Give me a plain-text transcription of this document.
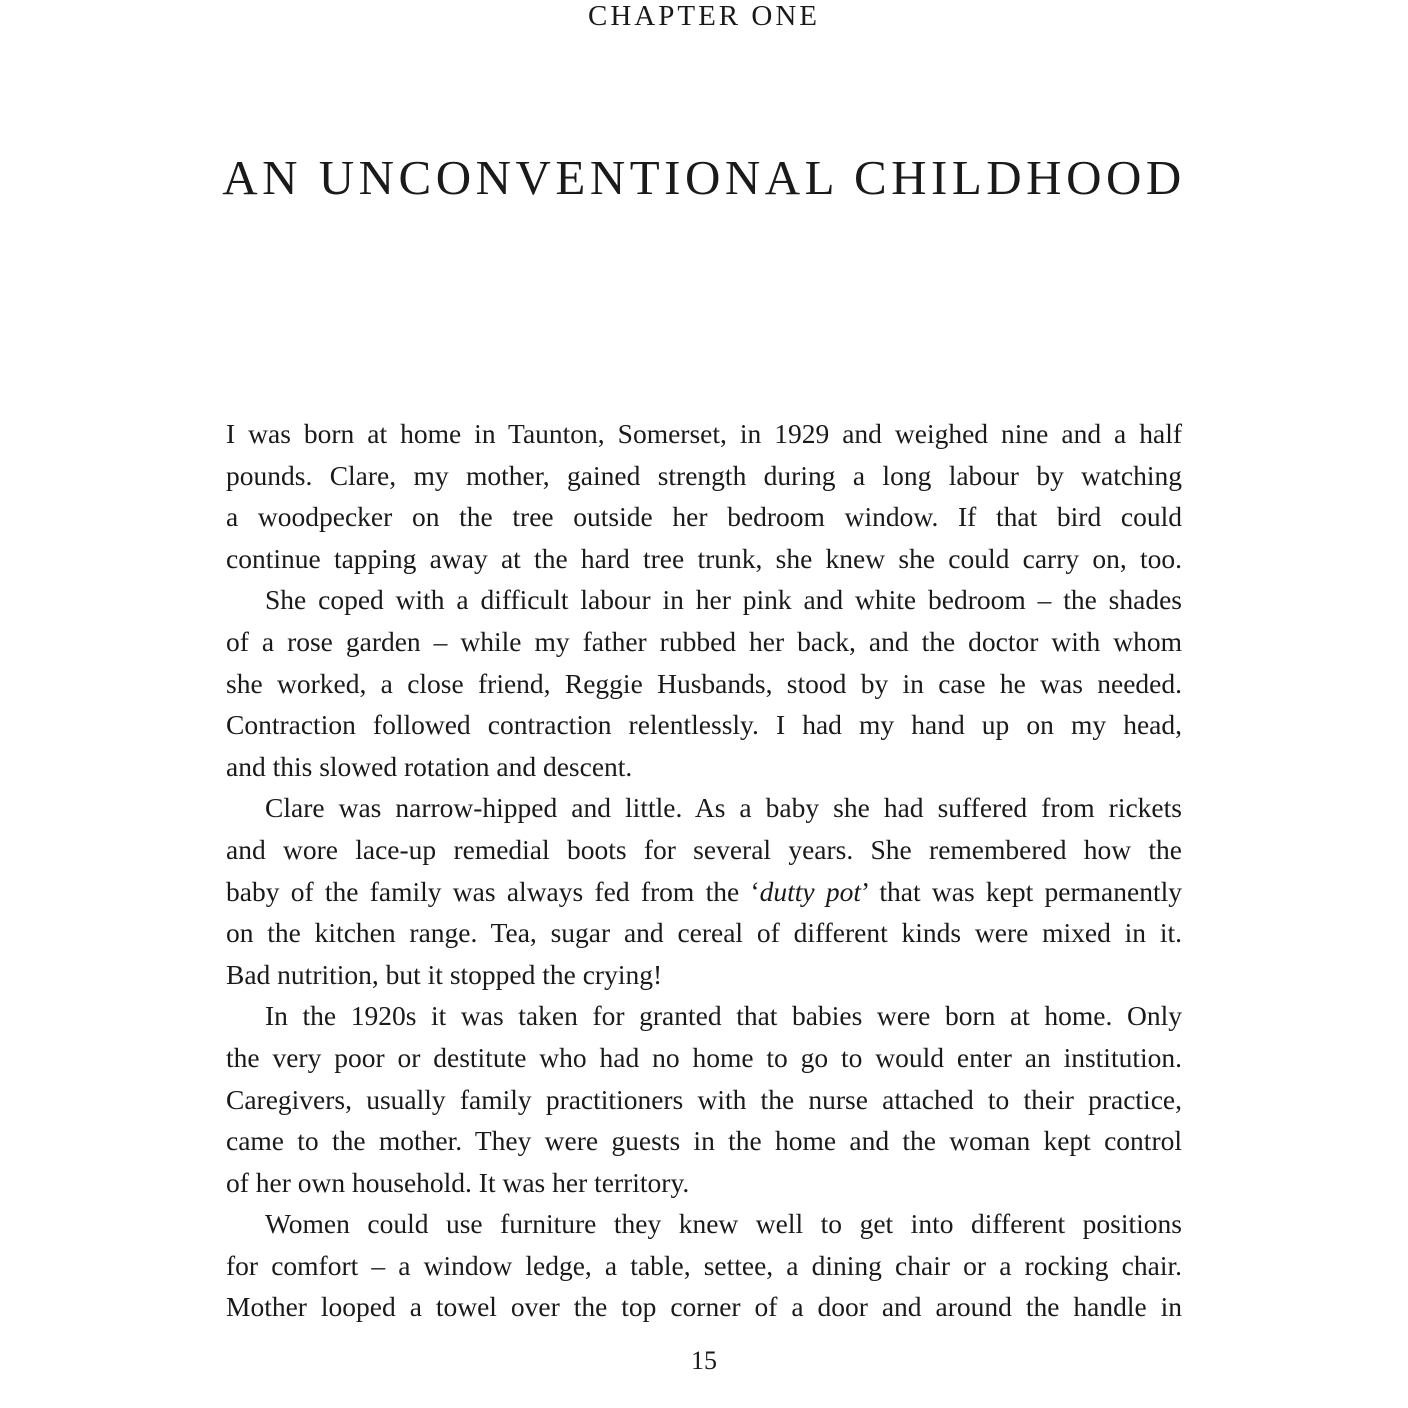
CHAPTER ONE
AN UNCONVENTIONAL CHILDHOOD

I was born at home in Taunton, Somerset, in 1929 and weighed nine and a half
pounds. Clare, my mother, gained strength during a long labour by watching
a woodpecker on the tree outside her bedroom window. If that bird could
continue tapping away at the hard tree trunk, she knew she could carry on, too.

She coped with a difficult labour in her pink and white bedroom – the shades
of a rose garden – while my father rubbed her back, and the doctor with whom
she worked, a close friend, Reggie Husbands, stood by in case he was needed.
Contraction followed contraction relentlessly. I had my hand up on my head,
and this slowed rotation and descent.

Clare was narrow-hipped and little. As a baby she had suffered from rickets
and wore lace-up remedial boots for several years. She remembered how the
baby of the family was always fed from the ‘dutty pot’ that was kept permanently
on the kitchen range. Tea, sugar and cereal of different kinds were mixed in it.
Bad nutrition, but it stopped the crying!

In the 1920s it was taken for granted that babies were born at home. Only
the very poor or destitute who had no home to go to would enter an institution.
Caregivers, usually family practitioners with the nurse attached to their practice,
came to the mother. They were guests in the home and the woman kept control
of her own household. It was her territory.

Women could use furniture they knew well to get into different positions
for comfort – a window ledge, a table, settee, a dining chair or a rocking chair.
Mother looped a towel over the top corner of a door and around the handle in

15
